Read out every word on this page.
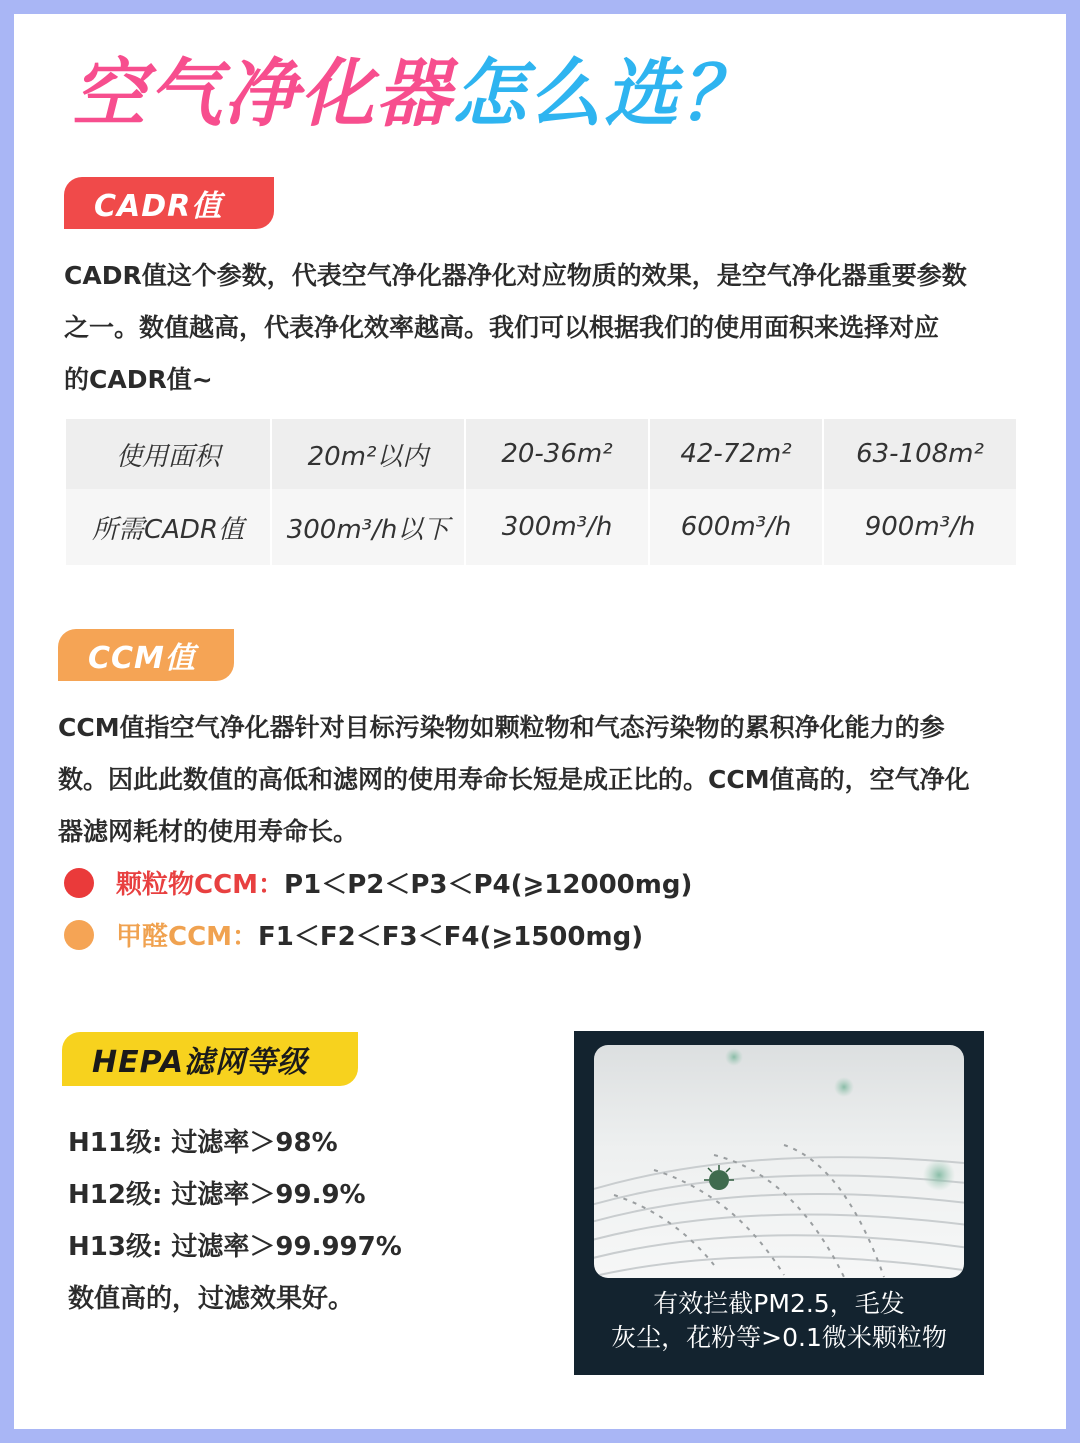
空气净化器怎么选？
CADR值
CADR值这个参数，代表空气净化器净化对应物质的效果，是空气净化器重要参数
之一。数值越高，代表净化效率越高。我们可以根据我们的使用面积来选择对应
的CADR值~
使用面积	20m²以内	20-36m²	42-72m²	63-108m²
所需CADR值	300m³/h以下	300m³/h	600m³/h	900m³/h
CCM值
CCM值指空气净化器针对目标污染物如颗粒物和气态污染物的累积净化能力的参
数。因此此数值的高低和滤网的使用寿命长短是成正比的。CCM值高的，空气净化
器滤网耗材的使用寿命长。
颗粒物CCM： P1＜P2＜P3＜P4(⩾12000mg)
甲醛CCM： F1＜F2＜F3＜F4(⩾1500mg)
HEPA滤网等级
H11级: 过滤率＞98%
H12级: 过滤率＞99.9%
H13级: 过滤率＞99.997%
数值高的，过滤效果好。	有效拦截PM2.5，毛发
灰尘，花粉等>0.1微米颗粒物
